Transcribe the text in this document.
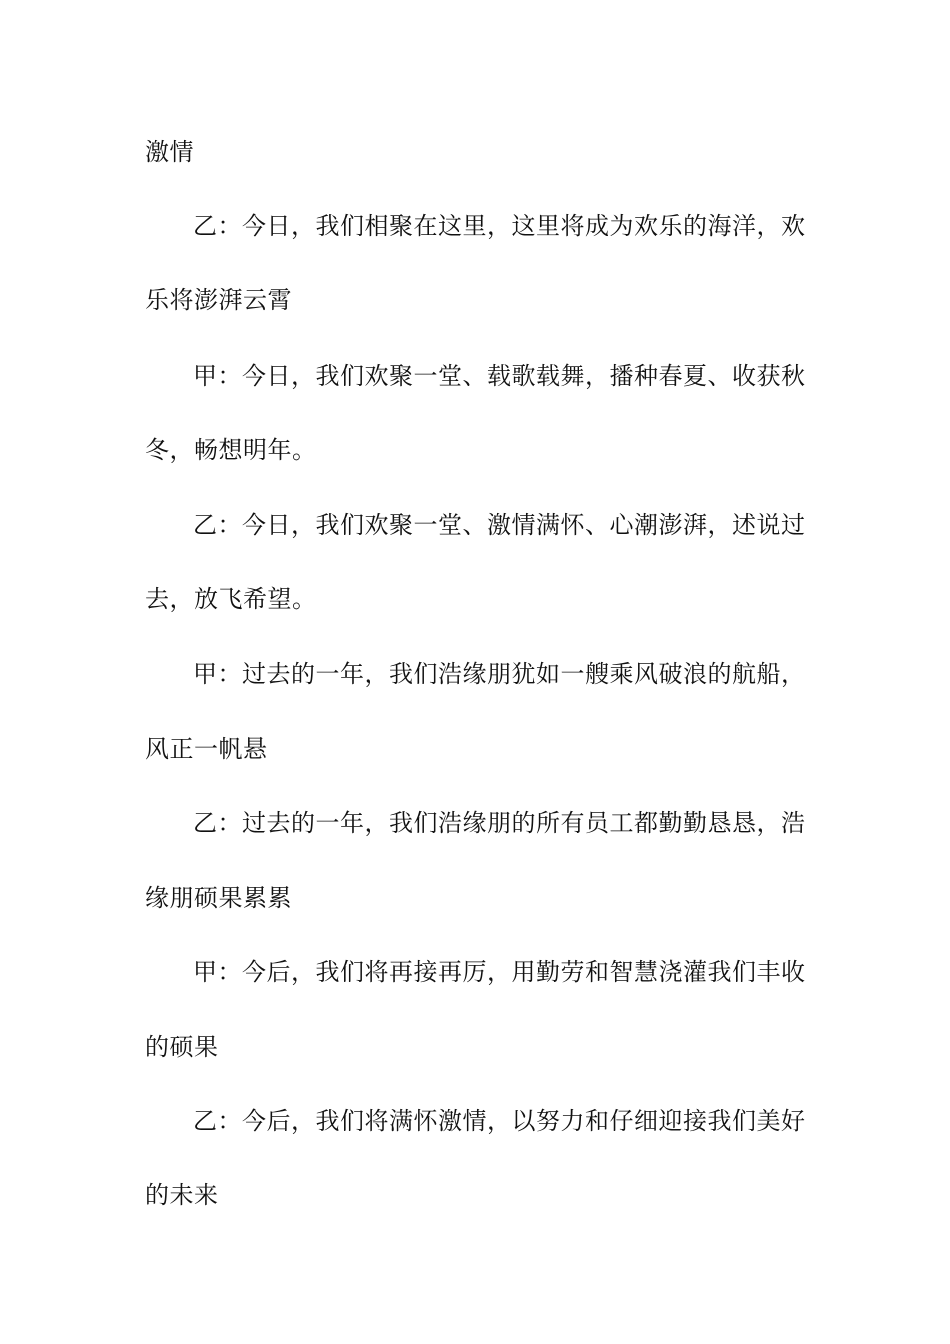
激情
乙：今日，我们相聚在这里，这里将成为欢乐的海洋，欢
乐将澎湃云霄
甲：今日，我们欢聚一堂、载歌载舞，播种春夏、收获秋
冬，畅想明年。
乙：今日，我们欢聚一堂、激情满怀、心潮澎湃，述说过
去，放飞希望。
甲：过去的一年，我们浩缘朋犹如一艘乘风破浪的航船，
风正一帆悬
乙：过去的一年，我们浩缘朋的所有员工都勤勤恳恳，浩
缘朋硕果累累
甲：今后，我们将再接再厉，用勤劳和智慧浇灌我们丰收
的硕果
乙：今后，我们将满怀激情，以努力和仔细迎接我们美好
的未来
